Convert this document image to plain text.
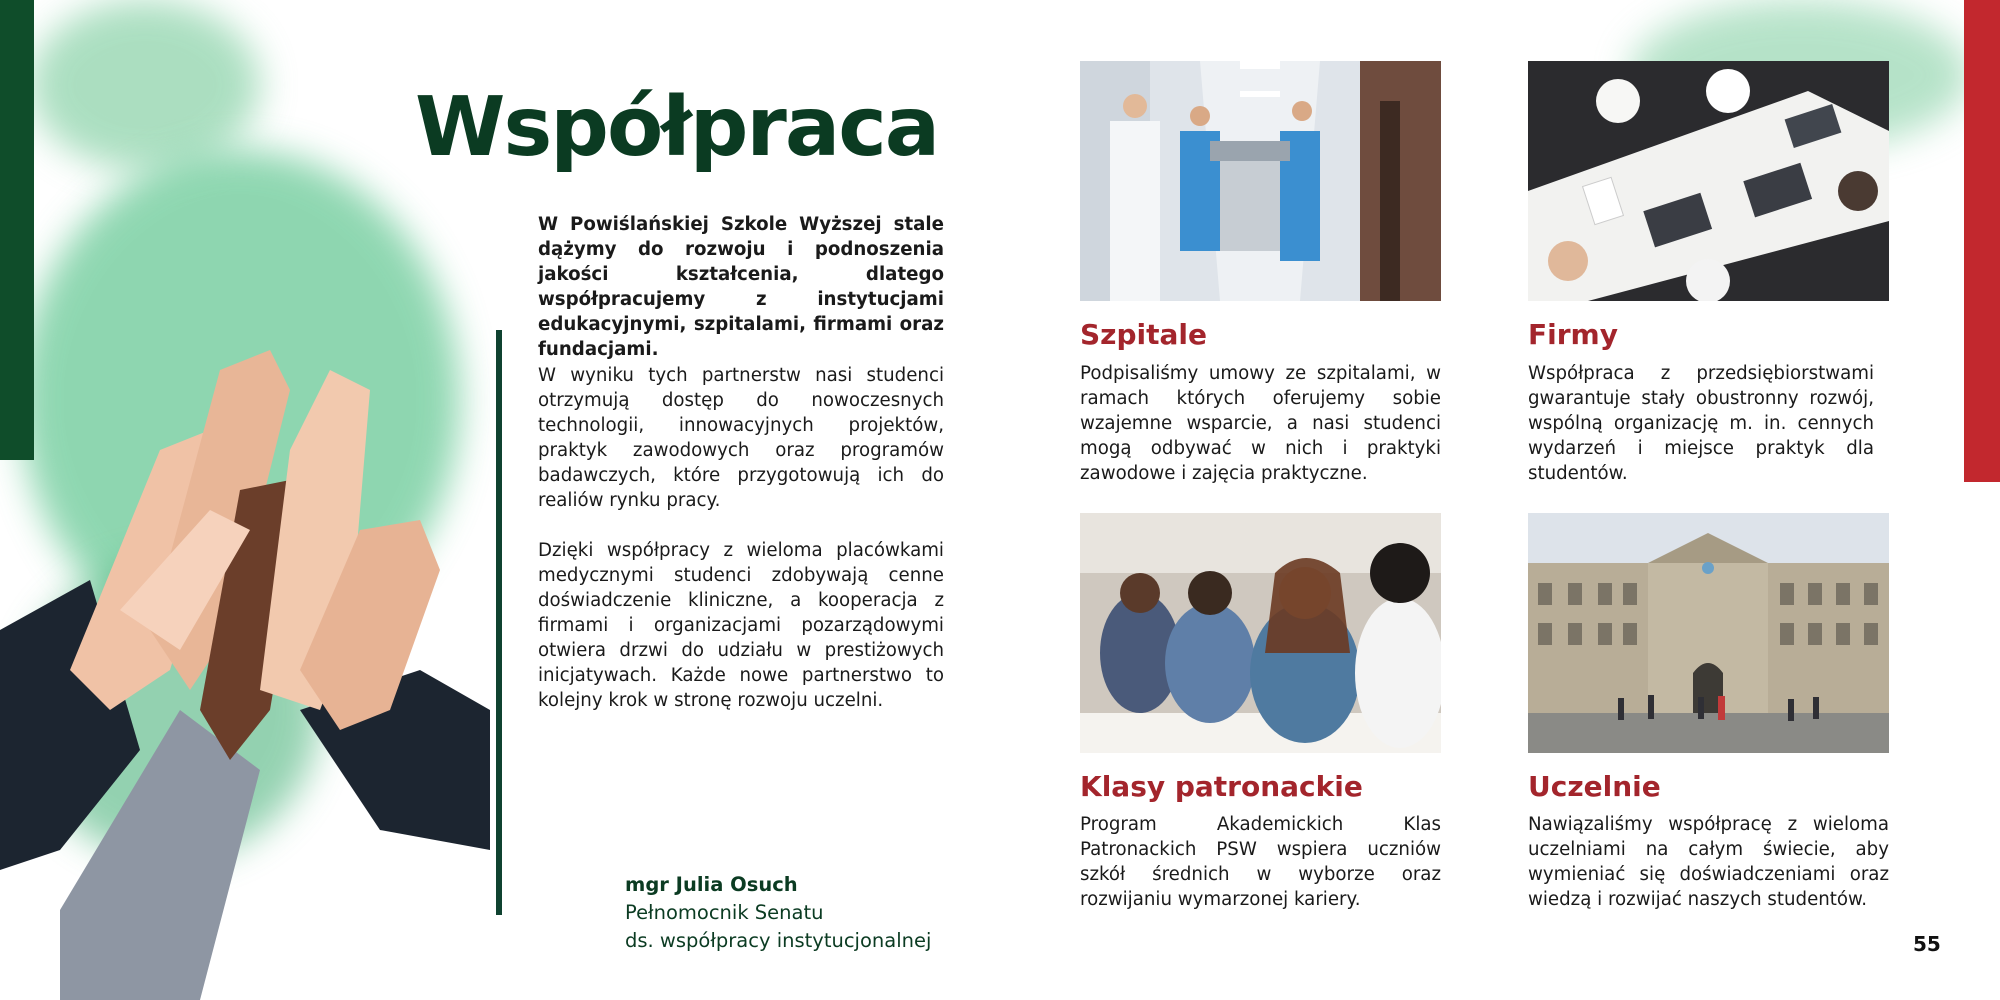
Współpraca

W Powiślańskiej Szkole Wyższej stale dążymy do rozwoju i podnoszenia jakości kształcenia, dlatego współpracujemy z instytucjami edukacyjnymi, szpitalami, firmami oraz fundacjami.

W wyniku tych partnerstw nasi studenci otrzymują dostęp do nowoczesnych technologii, innowacyjnych projektów, praktyk zawodowych oraz programów badawczych, które przygotowują ich do realiów rynku pracy.

Dzięki współpracy z wieloma placówkami medycznymi studenci zdobywają cenne doświadczenie kliniczne, a kooperacja z firmami i organizacjami pozarządowymi otwiera drzwi do udziału w prestiżowych inicjatywach. Każde nowe partnerstwo to kolejny krok w stronę rozwoju uczelni.

mgr Julia Osuch
Pełnomocnik Senatu
ds. współpracy instytucjonalnej
Szpitale

Podpisaliśmy umowy ze szpitalami, w ramach których oferujemy sobie wzajemne wsparcie, a nasi studenci mogą odbywać w nich i praktyki zawodowe i zajęcia praktyczne.

Firmy

Współpraca z przedsiębiorstwami gwarantuje stały obustronny rozwój, wspólną organizację m. in. cennych wydarzeń i miejsce praktyk dla studentów.

Klasy patronackie

Program Akademickich Klas Patronackich PSW wspiera uczniów szkół średnich w wyborze oraz rozwijaniu wymarzonej kariery.

Uczelnie

Nawiązaliśmy współpracę z wieloma uczelniami na całym świecie, aby wymieniać się doświadczeniami oraz wiedzą i rozwijać naszych studentów.

55
